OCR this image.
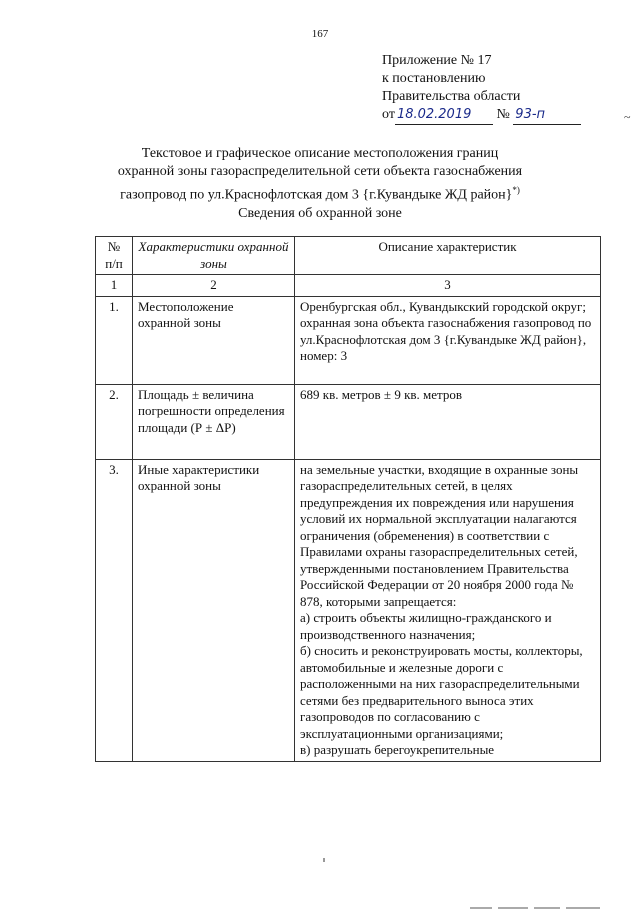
167
Приложение № 17
к постановлению
Правительства области
от 18.02.2019 № 93-п	~
Текстовое и графическое описание местоположения границ
охранной зоны газораспределительной сети объекта газоснабжения
газопровод по ул.Краснофлотская дом 3 {г.Кувандыке ЖД район}*)
Сведения об охранной зоне
№ п/п	Характеристики охранной зоны	Описание характеристик
1	2	3
1.	Местоположение охранной зоны	Оренбургская обл., Кувандыкский городской округ; охранная зона объекта газоснабжения газопровод по ул.Краснофлотская дом 3 {г.Кувандыке ЖД район}, номер: 3

2.	Площадь ± величина погрешности определения площади (Р ± ΔР)	689 кв. метров ± 9 кв. метров

3.	Иные характеристики охранной зоны	на земельные участки, входящие в охранные зоны газораспределительных сетей, в целях предупреждения их повреждения или нарушения условий их нормальной эксплуатации налагаются ограничения (обременения) в соответствии с Правилами охраны газораспределительных сетей, утвержденными постановлением Правительства Российской Федерации от 20 ноября 2000 года № 878, которыми запрещается:
а) строить объекты жилищно-гражданского и производственного назначения;
б) сносить и реконструировать мосты, коллекторы, автомобильные и железные дороги с расположенными на них газораспределительными сетями без предварительного выноса этих газопроводов по согласованию с эксплуатационными организациями;
в) разрушать берегоукрепительные
